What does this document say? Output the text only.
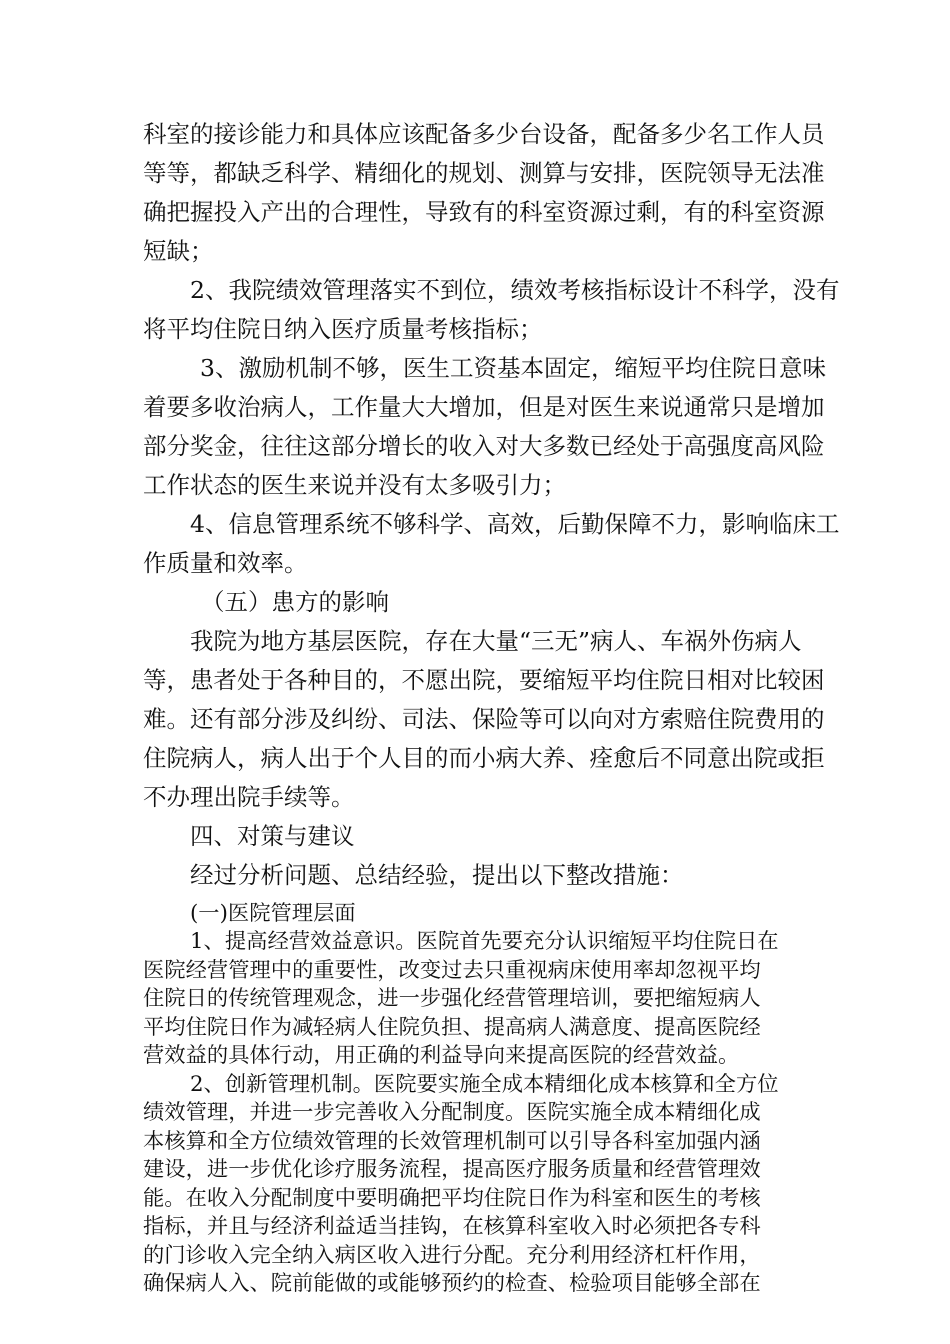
科室的接诊能力和具体应该配备多少台设备，配备多少名工作人员
等等，都缺乏科学、精细化的规划、测算与安排，医院领导无法准
确把握投入产出的合理性，导致有的科室资源过剩，有的科室资源
短缺；
2、我院绩效管理落实不到位，绩效考核指标设计不科学，没有
将平均住院日纳入医疗质量考核指标；
3、激励机制不够，医生工资基本固定，缩短平均住院日意味
着要多收治病人，工作量大大增加，但是对医生来说通常只是增加
部分奖金，往往这部分增长的收入对大多数已经处于高强度高风险
工作状态的医生来说并没有太多吸引力；
4、信息管理系统不够科学、高效，后勤保障不力，影响临床工
作质量和效率。
（五）患方的影响
我院为地方基层医院，存在大量“三无”病人、车祸外伤病人
等，患者处于各种目的，不愿出院，要缩短平均住院日相对比较困
难。还有部分涉及纠纷、司法、保险等可以向对方索赔住院费用的
住院病人，病人出于个人目的而小病大养、痊愈后不同意出院或拒
不办理出院手续等。
四、对策与建议
经过分析问题、总结经验，提出以下整改措施：
(一)医院管理层面
1、提高经营效益意识。医院首先要充分认识缩短平均住院日在
医院经营管理中的重要性，改变过去只重视病床使用率却忽视平均
住院日的传统管理观念，进一步强化经营管理培训，要把缩短病人
平均住院日作为减轻病人住院负担、提高病人满意度、提高医院经
营效益的具体行动，用正确的利益导向来提高医院的经营效益。
2、创新管理机制。医院要实施全成本精细化成本核算和全方位
绩效管理，并进一步完善收入分配制度。医院实施全成本精细化成
本核算和全方位绩效管理的长效管理机制可以引导各科室加强内涵
建设，进一步优化诊疗服务流程，提高医疗服务质量和经营管理效
能。在收入分配制度中要明确把平均住院日作为科室和医生的考核
指标，并且与经济利益适当挂钩，在核算科室收入时必须把各专科
的门诊收入完全纳入病区收入进行分配。充分利用经济杠杆作用，
确保病人入、院前能做的或能够预约的检查、检验项目能够全部在
